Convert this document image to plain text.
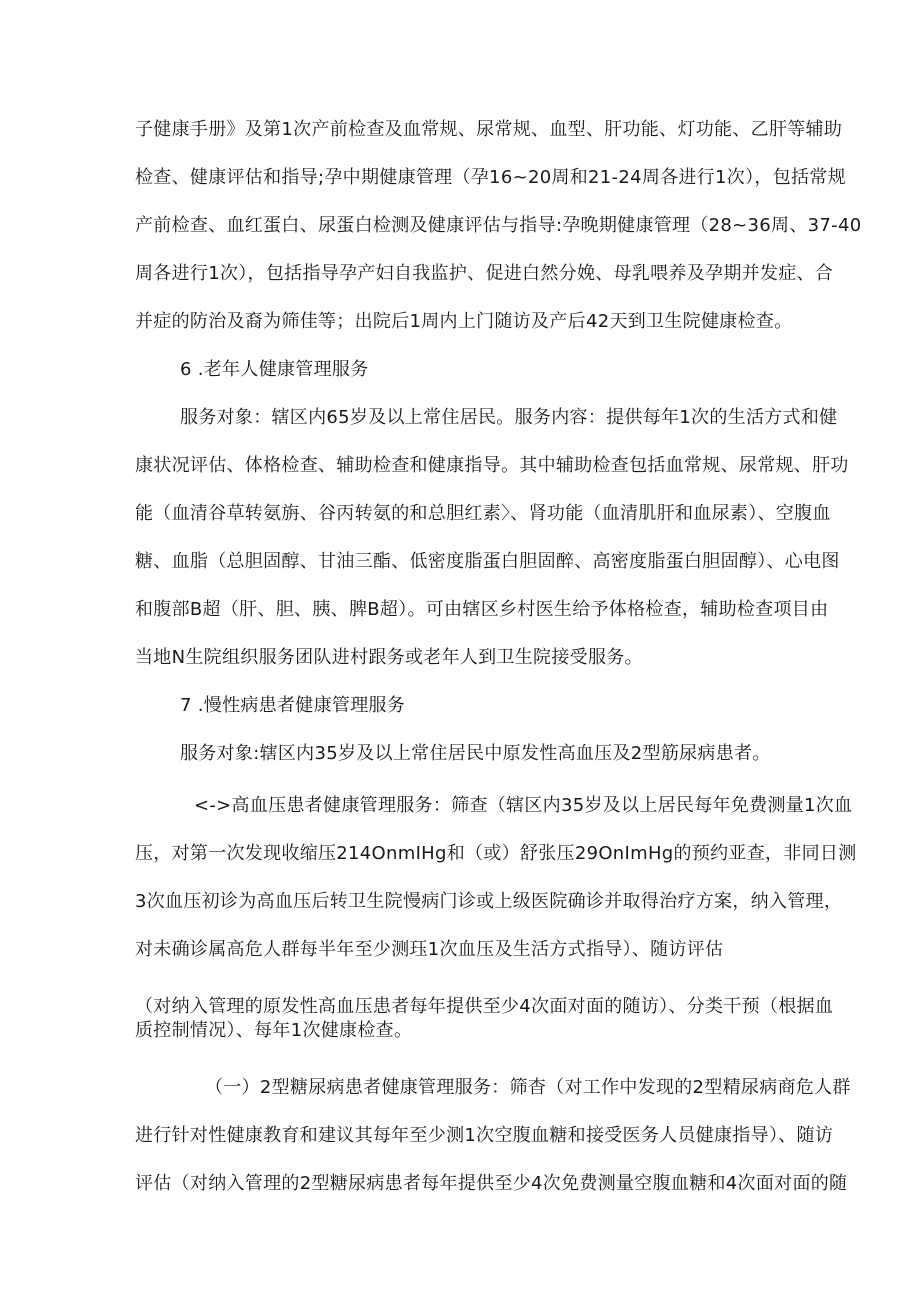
子健康手册》及第1次产前检查及血常规、尿常规、血型、肝功能、灯功能、乙肝等辅助
检查、健康评估和指导;孕中期健康管理（孕16~20周和21-24周各进行1次），包括常规
产前检查、血红蛋白、尿蛋白检测及健康评估与指导:孕晚期健康管理（28~36周、37-40
周各进行1次），包括指导孕产妇自我监护、促进白然分娩、母乳喂养及孕期并发症、合
并症的防治及裔为筛佳等；出院后1周内上门随访及产后42天到卫生院健康检查。
6 .老年人健康管理服务
服务对象：辖区内65岁及以上常住居民。服务内容：提供每年1次的生活方式和健
康状况评估、体格检查、辅助检查和健康指导。其中辅助检查包括血常规、尿常规、肝功
能（血清谷草转氨旃、谷丙转氨的和总胆红素〉、肾功能（血清肌肝和血尿素）、空腹血
糖、血脂（总胆固醇、甘油三酯、低密度脂蛋白胆固醉、高密度脂蛋白胆固醇）、心电图
和腹部B超（肝、胆、胰、脾B超）。可由辖区乡村医生给予体格检查，辅助检查项目由
当地N生院组织服务团队进村跟务或老年人到卫生院接受服务。
7 .慢性病患者健康管理服务
服务对象:辖区内35岁及以上常住居民中原发性高血压及2型筋尿病患者。
<->高血压患者健康管理服务：筛查（辖区内35岁及以上居民每年免费测量1次血
压，对第一次发现收缩压214OnmIHg和（或）舒张压29OnImHg的预约亚查，非同日测
3次血压初诊为高血压后转卫生院慢病门诊或上级医院确诊并取得治疗方案，纳入管理，
对未确诊属高危人群每半年至少测珏1次血压及生活方式指导）、随访评估
（对纳入管理的原发性高血压患者每年提供至少4次面对面的随访）、分类干预（根据血
质控制情况）、每年1次健康检查。
（一）2型糖尿病患者健康管理服务：筛杳（对工作中发现的2型精尿病商危人群
进行针对性健康教育和建议其每年至少测1次空腹血糖和接受医务人员健康指导）、随访
评估（对纳入管理的2型糖尿病患者每年提供至少4次免费测量空腹血糖和4次面对面的随
